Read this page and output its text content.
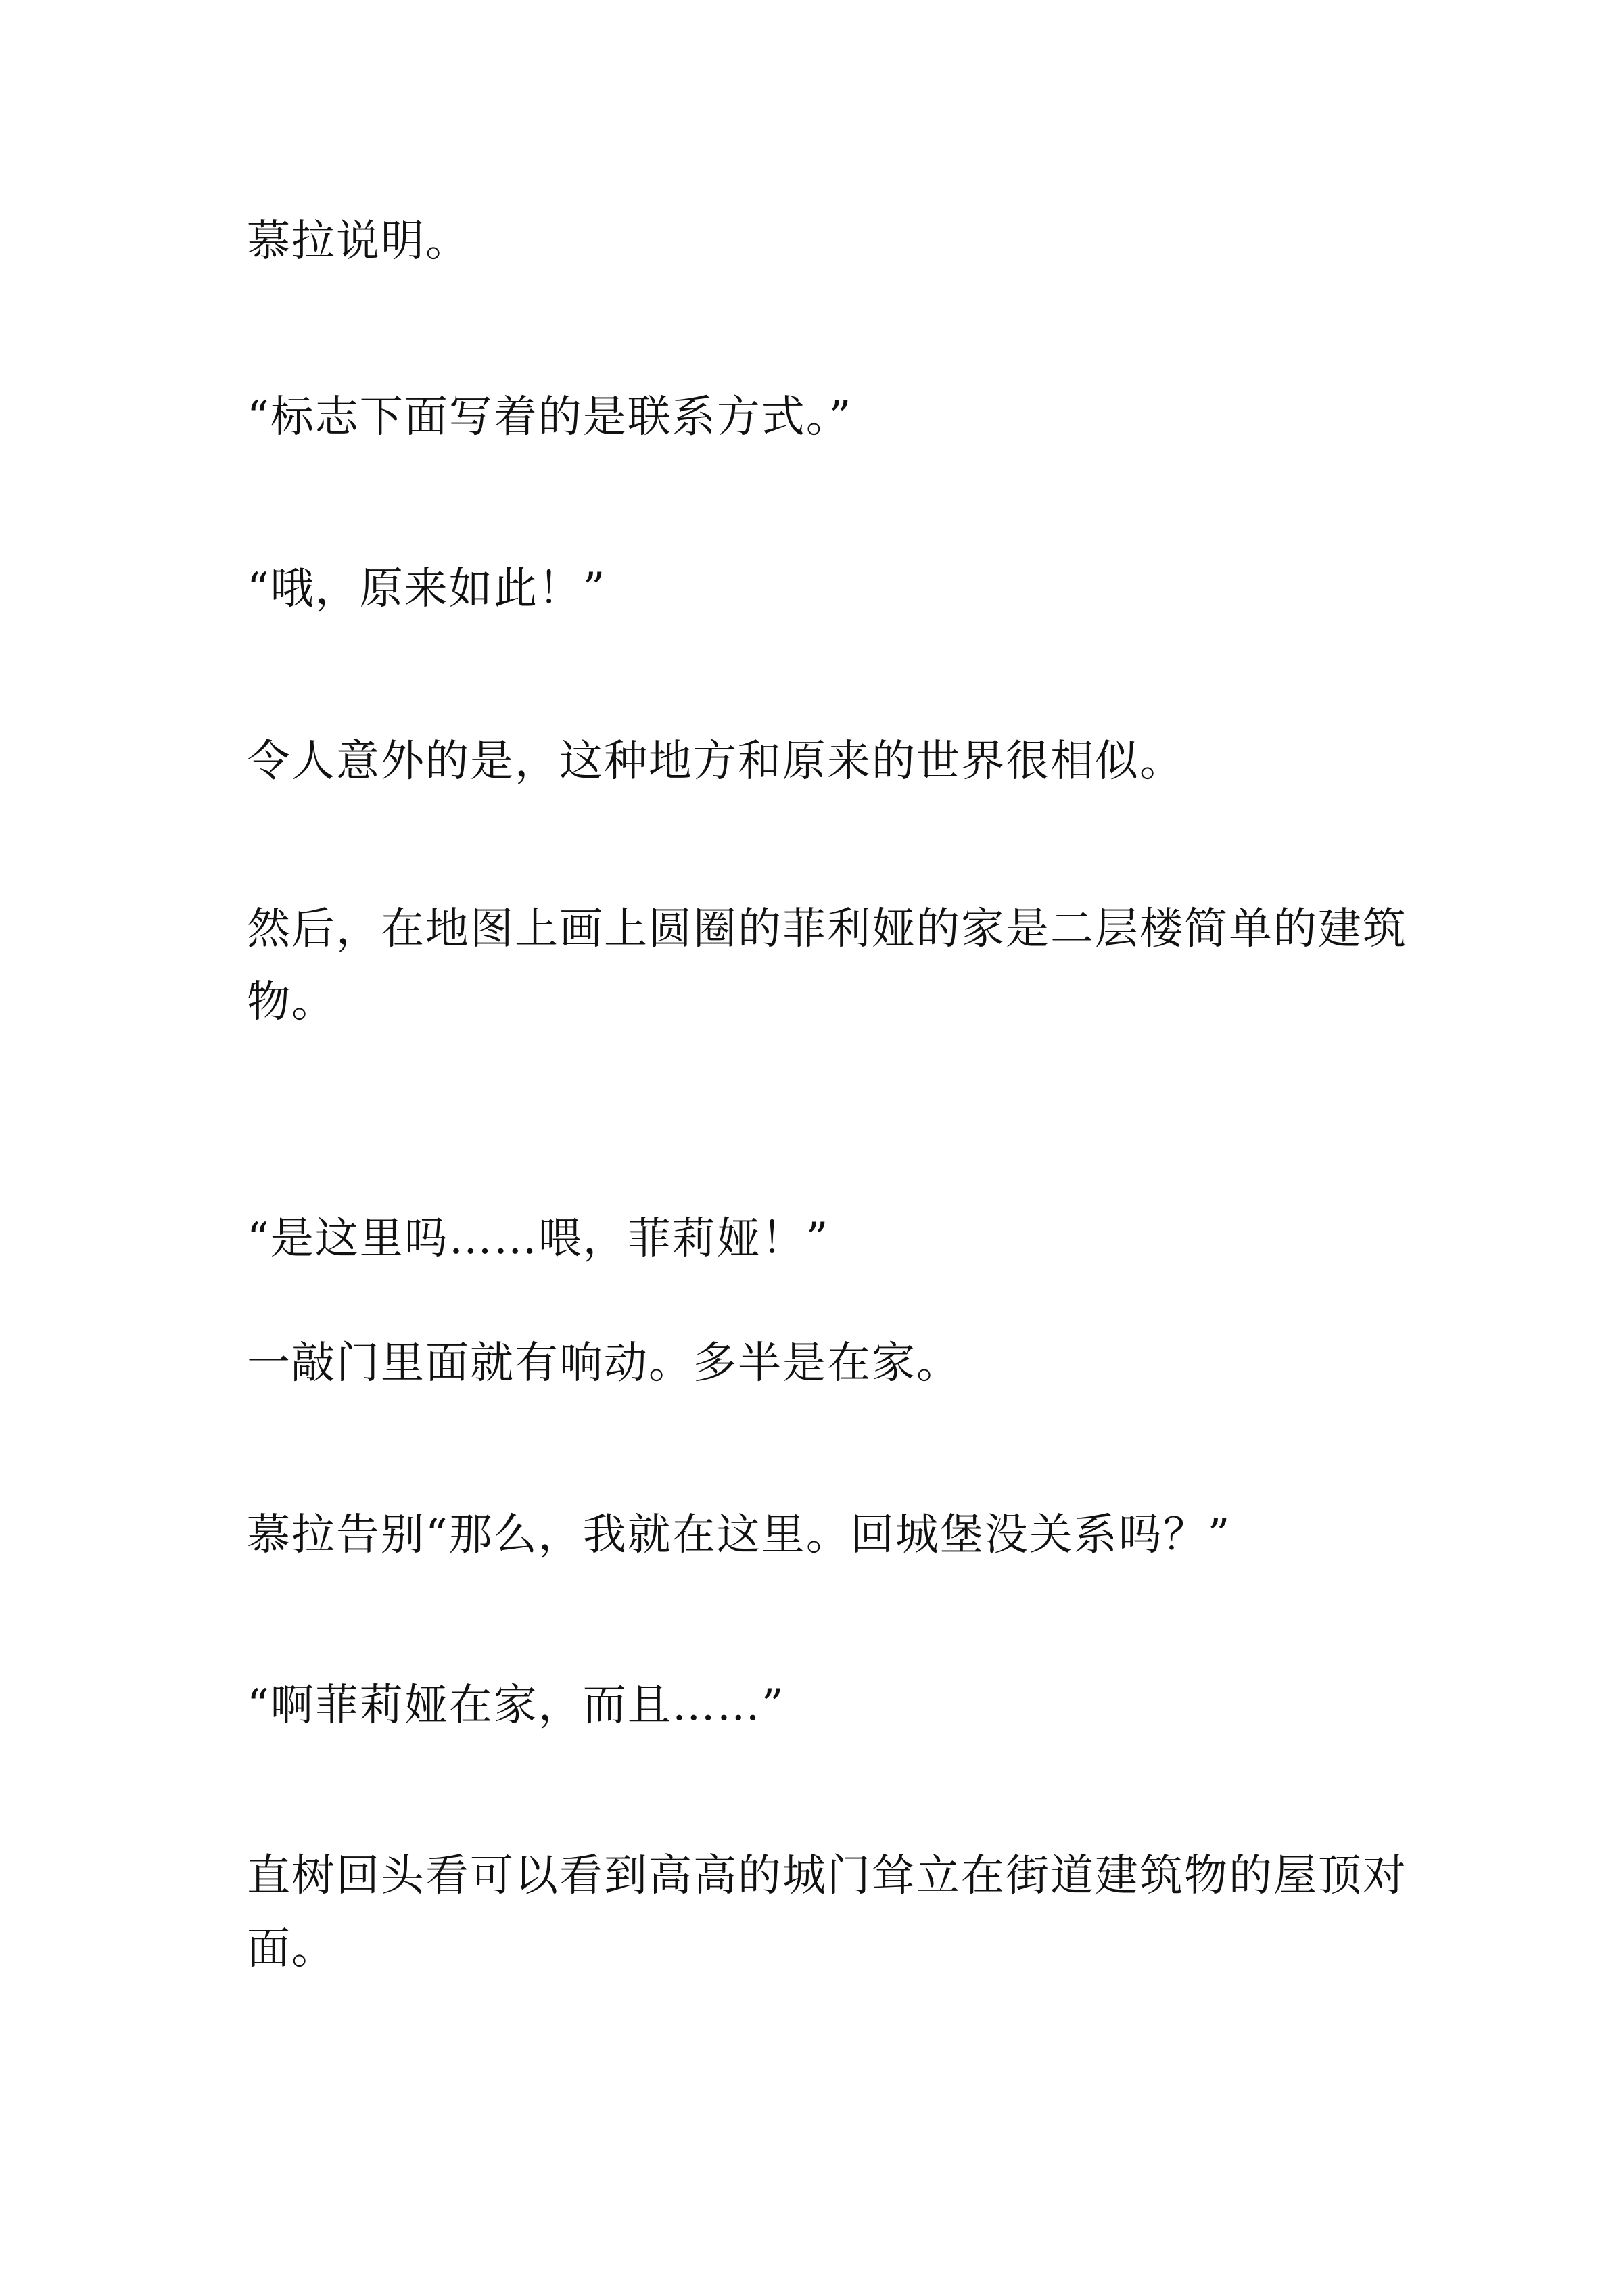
慕拉说明。

“标志下面写着的是联系方式。”

“哦，原来如此！”

令人意外的是，这种地方和原来的世界很相似。

然后，在地图上画上圆圈的菲利娅的家是二层楼简单的建筑物。

“是这里吗……喂，菲莉娅！”

一敲门里面就有响动。多半是在家。

慕拉告别“那么，我就在这里。回城堡没关系吗？”

“啊菲莉娅在家，而且……”

直树回头看可以看到高高的城门耸立在街道建筑物的屋顶对面。
